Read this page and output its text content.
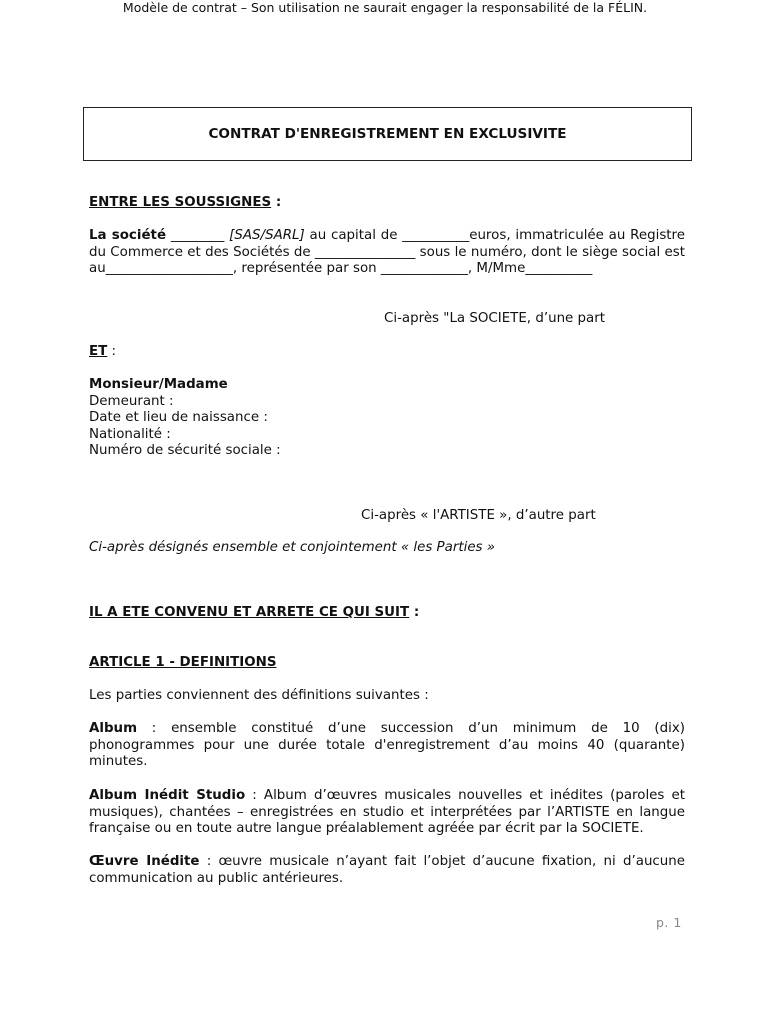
Modèle de contrat – Son utilisation ne saurait engager la responsabilité de la FÉLIN.

CONTRAT D'ENREGISTREMENT EN EXCLUSIVITE

ENTRE LES SOUSSIGNES :

La société ________ [SAS/SARL] au capital de __________euros, immatriculée au Registre du Commerce et des Sociétés de _______________ sous le numéro, dont le siège social est au___________________, représentée par son _____________, M/Mme__________

Ci-après "La SOCIETE, d’une part

ET :

Monsieur/Madame
Demeurant :
Date et lieu de naissance :
Nationalité :
Numéro de sécurité sociale :

Ci-après « l'ARTISTE », d’autre part

Ci-après désignés ensemble et conjointement « les Parties »

IL A ETE CONVENU ET ARRETE CE QUI SUIT :

ARTICLE 1 - DEFINITIONS

Les parties conviennent des définitions suivantes :

Album : ensemble constitué d’une succession d’un minimum de 10 (dix) phonogrammes pour une durée totale d'enregistrement d’au moins 40 (quarante) minutes.

Album Inédit Studio : Album d’œuvres musicales nouvelles et inédites (paroles et musiques), chantées – enregistrées en studio et interprétées par l’ARTISTE en langue française ou en toute autre langue préalablement agréée par écrit par la SOCIETE.

Œuvre Inédite : œuvre musicale n’ayant fait l’objet d’aucune fixation, ni d’aucune communication au public antérieures.

p. 1
